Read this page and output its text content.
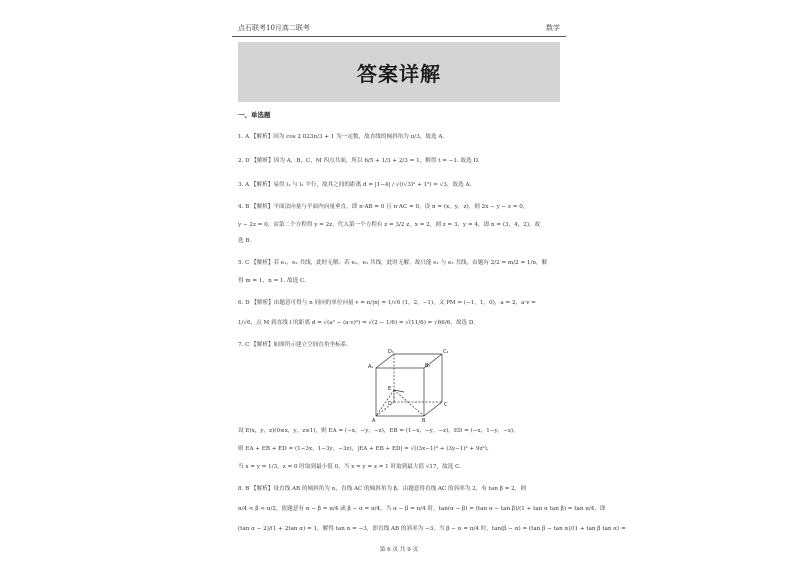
点石联考10月高二联考	数学
答案详解
一、单选题
1. A 【解析】因为 cos 2 023π/3 + 1 为一定数，故直线的倾斜角为 π/3，故选 A.
2. D 【解析】因为 A，B，C，M 四点共面，所以 6/5 + 1/3 + 2/3 = 1，解得 t = −1. 故选 D.
3. A 【解析】易得 l₁ 与 l₂ 平行，故其之间的距离 d = |1−4| / √((√3)² + 1²) = √3，故选 A.
4. B 【解析】平面法向量与平面内向量垂直，即 n·AB = 0 且 n·AC = 0，设 n = (x，y，z)，则 2x − y − z = 0，
y − 2z = 0，由第二个方程得 y = 2z，代入第一个方程有 z = 3/2 z，x = 2，则 z = 3，y = 4，即 n = (3，4，2)，故
选 B.
5. C 【解析】若 e₁，e₂ 共线，此时无解；若 e₁，e₂ 共线，此时无解，故只能 e₁ 与 e₂ 共线，由题有 2/2 = m/2 = 1/n，解
得 m = 1，n = 1. 故选 C.
6. D 【解析】由题意可得与 n 同向的单位向量 v = n/|n| = 1/√6 (1，2，−1)，又 PM = (−1，1，0)，a = 2，a·v =
1/√6，点 M 到直线 l 的距离 d = √(a² − (a·v)²) = √(2 − 1/6) = √(11/6) = √66/6，故选 D.
7. C 【解析】如图所示建立空间直角坐标系.
D₁	C₁
A₁	B₁
E
D	C
A	B
设 E(x，y，z)(0≤x，y，z≤1)，则 EA = (−x，−y，−z)，EB = (1−x，−y，−z)，ED = (−x，1−y，−z)，
则 EA + EB + ED = (1−3x，1−3y，−3z)，|EA + EB + ED| = √((3x−1)² + (3y−1)² + 9z²)，
当 x = y = 1/3，z = 0 时取到最小值 0，当 x = y = z = 1 时取到最大值 √17，故选 C.
8. B 【解析】设直线 AB 的倾斜角为 α，直线 AC 的倾斜角为 β，由题意得直线 AC 的斜率为 2，有 tan β = 2，则
π/4 < β < π/2，依题意有 α − β = π/4 或 β − α = π/4，当 α − β = π/4 时，tan(α − β) = (tan α − tan β)/(1 + tan α tan β) = tan π/4，即
(tan α − 2)/(1 + 2tan α) = 1，解得 tan α = −3，即直线 AB 的斜率为 −3，当 β − α = π/4 时，tan(β − α) = (tan β − tan α)/(1 + tan β tan α) =
第 6 页 共 9 页
